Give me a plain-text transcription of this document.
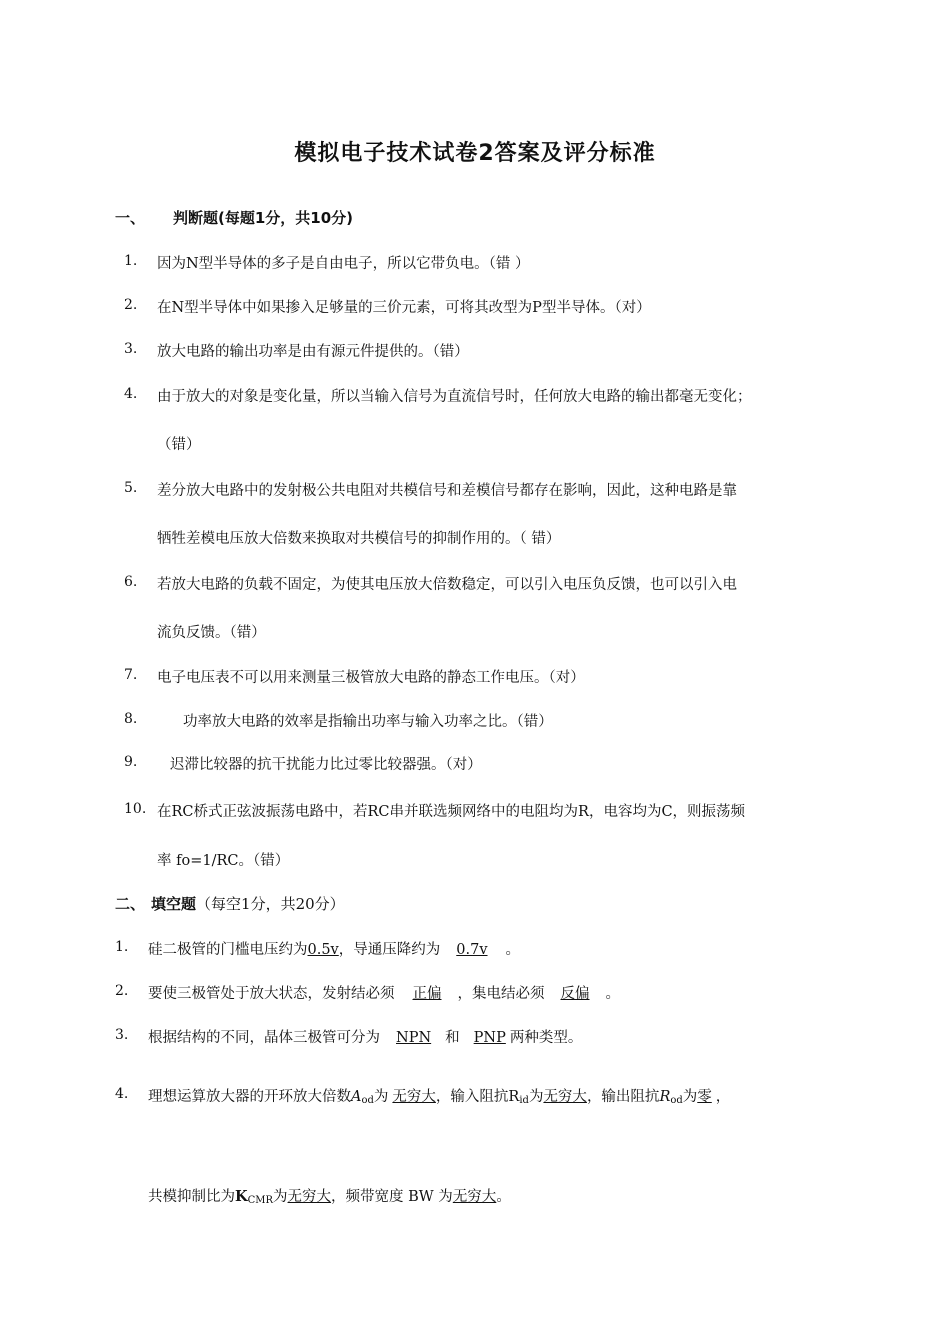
模拟电子技术试卷2答案及评分标准
一、 判断题(每题1分，共10分)
1. 因为N型半导体的多子是自由电子，所以它带负电。（错 ）
2. 在N型半导体中如果掺入足够量的三价元素，可将其改型为P型半导体。（对）
3. 放大电路的输出功率是由有源元件提供的。（错）
4. 由于放大的对象是变化量，所以当输入信号为直流信号时，任何放大电路的输出都毫无变化；
（错）
5. 差分放大电路中的发射极公共电阻对共模信号和差模信号都存在影响，因此，这种电路是靠
牺牲差模电压放大倍数来换取对共模信号的抑制作用的。（ 错）
6. 若放大电路的负载不固定，为使其电压放大倍数稳定，可以引入电压负反馈，也可以引入电
流负反馈。（错）
7. 电子电压表不可以用来测量三极管放大电路的静态工作电压。（对）
8.	功率放大电路的效率是指输出功率与输入功率之比。（错）
9. 迟滞比较器的抗干扰能力比过零比较器强。（对）
10. 在RC桥式正弦波振荡电路中，若RC串并联选频网络中的电阻均为R，电容均为C，则振荡频
率 fo=1/RC。（错）
二、 填空题（每空1分，共20分）
1. 硅二极管的门槛电压约为0.5v，导通压降约为 0.7v 。
2. 要使三极管处于放大状态，发射结必须 正偏 ，集电结必须 反偏 。
3. 根据结构的不同，晶体三极管可分为 NPN 和 PNP 两种类型。
4. 理想运算放大器的开环放大倍数$A_{od}$为 无穷大，输入阻抗$R_{id}$为无穷大，输出阻抗$R_{od}$为零 ，
共模抑制比为$K_{CMR}$为无穷大，频带宽度 BW 为无穷大。
